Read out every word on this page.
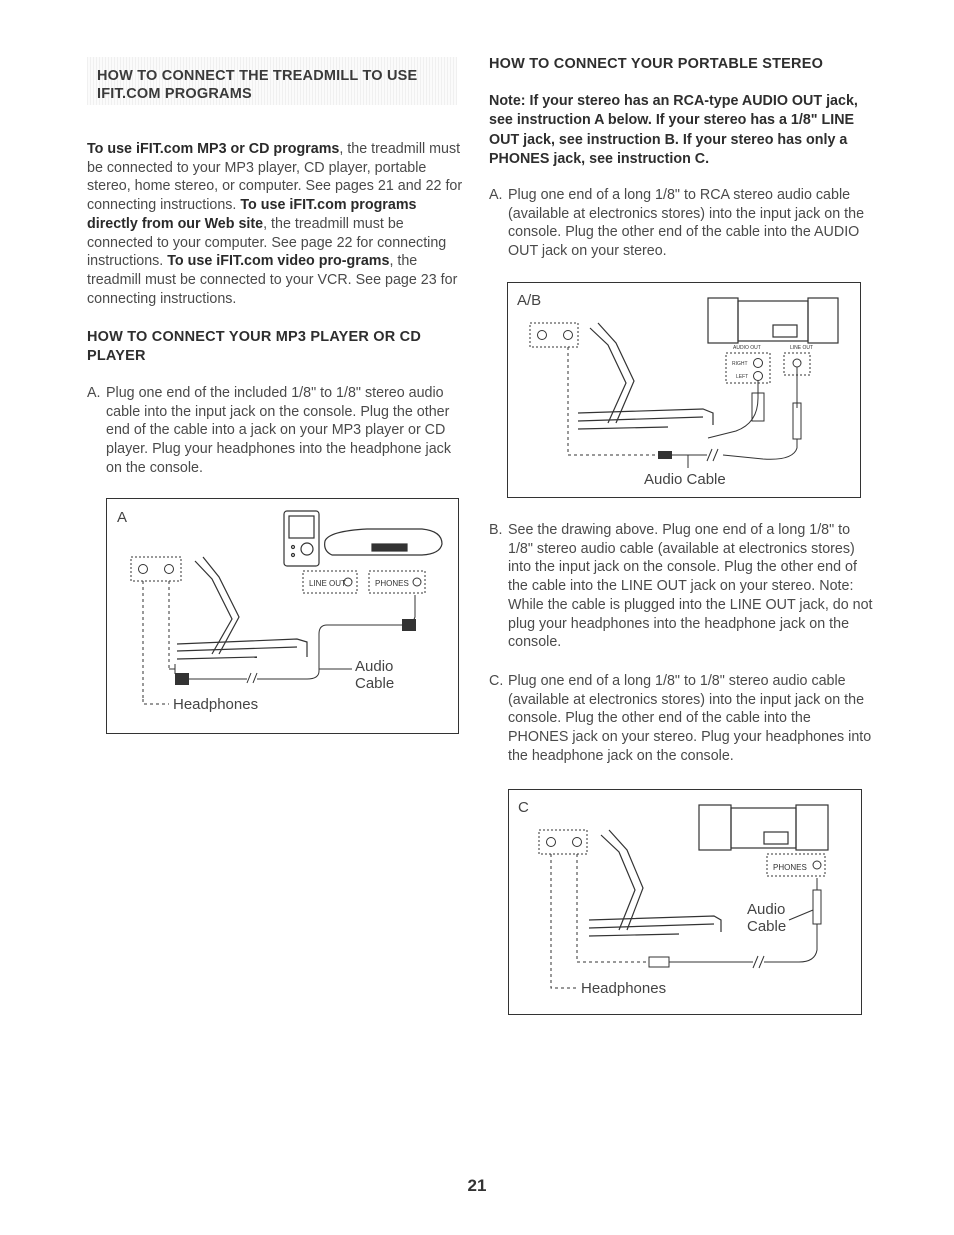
HOW TO CONNECT THE TREADMILL TO USE
IFIT.COM PROGRAMS
To use iFIT.com MP3 or CD programs, the treadmill must be connected to your MP3 player, CD player, portable stereo, home stereo, or computer. See pages 21 and 22 for connecting instructions. To use iFIT.com programs directly from our Web site, the treadmill must be connected to your computer. See page 22 for connecting instructions. To use iFIT.com video pro-grams, the treadmill must be connected to your VCR. See page 23 for connecting instructions.
HOW TO CONNECT YOUR MP3 PLAYER OR CD PLAYER
A. Plug one end of the included 1/8" to 1/8" stereo audio cable into the input jack on the console. Plug the other end of the cable into a jack on your MP3 player or CD player. Plug your headphones into the headphone jack on the console.
LINE OUT	PHONES
Audio
Cable
Headphones
A
HOW TO CONNECT YOUR PORTABLE STEREO
Note: If your stereo has an RCA-type AUDIO OUT jack, see instruction A below. If your stereo has a 1/8" LINE OUT jack, see instruction B. If your stereo has only a PHONES jack, see instruction C.
A. Plug one end of a long 1/8" to RCA stereo audio cable (available at electronics stores) into the input jack on the console. Plug the other end of the cable into the AUDIO OUT jack on your stereo.
AUDIO OUT	LINE OUT
RIGHT
LEFT
Audio Cable
A/B
B. See the drawing above. Plug one end of a long 1/8" to 1/8" stereo audio cable (available at electronics stores) into the input jack on the console. Plug the other end of the cable into the LINE OUT jack on your stereo. Note: While the cable is plugged into the LINE OUT jack, do not plug your headphones into the headphone jack on the console.
C. Plug one end of a long 1/8" to 1/8" stereo audio cable (available at electronics stores) into the input jack on the console. Plug the other end of the cable into the PHONES jack on your stereo. Plug your headphones into the headphone jack on the console.
PHONES
Audio
Cable
Headphones
C
21
